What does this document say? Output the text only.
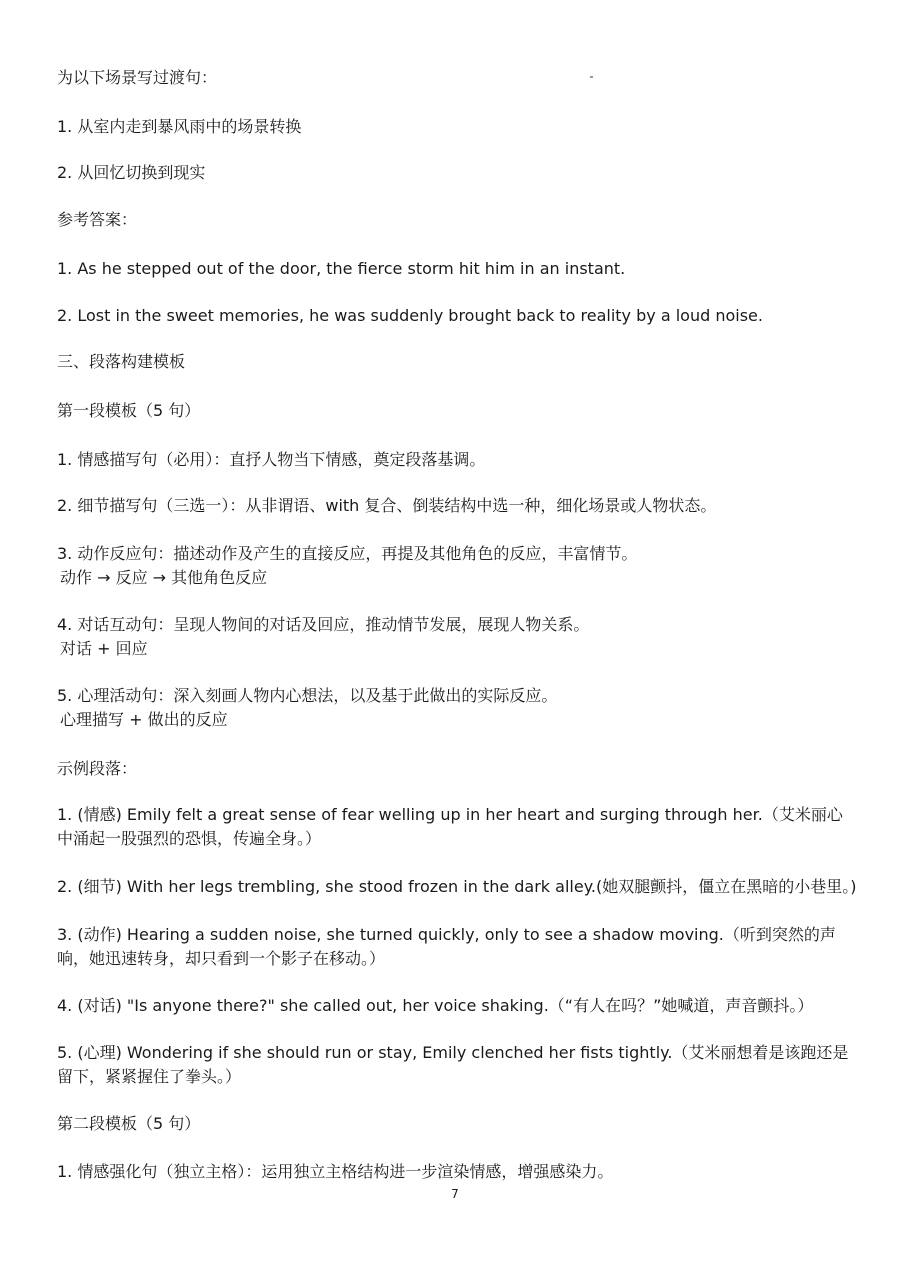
为以下场景写过渡句：
1. 从室内走到暴风雨中的场景转换
2. 从回忆切换到现实
参考答案：
1. As he stepped out of the door, the fierce storm hit him in an instant.
2. Lost in the sweet memories, he was suddenly brought back to reality by a loud noise.
三、段落构建模板
第一段模板（5 句）
1. 情感描写句（必用）：直抒人物当下情感，奠定段落基调。
2. 细节描写句（三选一）：从非谓语、with 复合、倒装结构中选一种，细化场景或人物状态。
3. 动作反应句：描述动作及产生的直接反应，再提及其他角色的反应，丰富情节。
动作 → 反应 → 其他角色反应
4. 对话互动句：呈现人物间的对话及回应，推动情节发展，展现人物关系。
对话 + 回应
5. 心理活动句：深入刻画人物内心想法，以及基于此做出的实际反应。
心理描写 + 做出的反应
示例段落：
1. (情感) Emily felt a great sense of fear welling up in her heart and surging through her.（艾米丽心中涌起一股强烈的恐惧，传遍全身。）
2. (细节) With her legs trembling, she stood frozen in the dark alley.(她双腿颤抖，僵立在黑暗的小巷里。)
3. (动作) Hearing a sudden noise, she turned quickly, only to see a shadow moving.（听到突然的声响，她迅速转身，却只看到一个影子在移动。）
4. (对话) "Is anyone there?" she called out, her voice shaking.（“有人在吗？”她喊道，声音颤抖。）
5. (心理) Wondering if she should run or stay, Emily clenched her fists tightly.（艾米丽想着是该跑还是留下，紧紧握住了拳头。）
第二段模板（5 句）
1. 情感强化句（独立主格）：运用独立主格结构进一步渲染情感，增强感染力。
7
